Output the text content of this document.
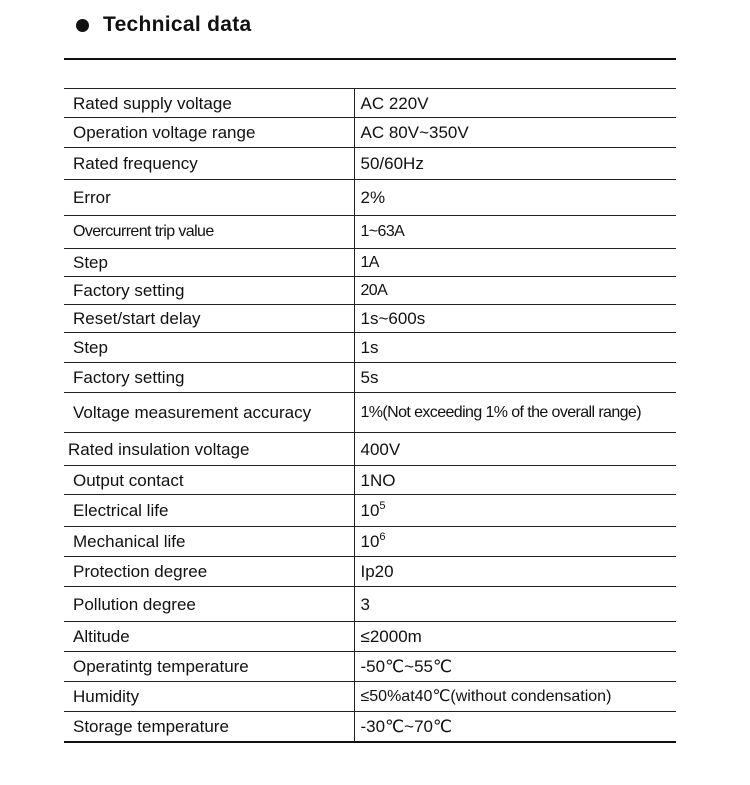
Technical data
Rated supply voltage	AC 220V
Operation voltage range	AC 80V~350V
Rated frequency	50/60Hz
Error	2%
Overcurrent trip value	1~63A
Step	1A
Factory setting	20A
Reset/start delay	1s~600s
Step	1s
Factory setting	5s
Voltage measurement accuracy	1%(Not exceeding 1% of the overall range)
Rated insulation voltage	400V
Output contact	1NO
Electrical life	$10^5$
Mechanical life	$10^6$
Protection degree	Ip20
Pollution degree	3
Altitude	≤2000m
Operatintg temperature	-50℃~55℃
Humidity	≤50%at40℃(without condensation)
Storage temperature	-30℃~70℃
